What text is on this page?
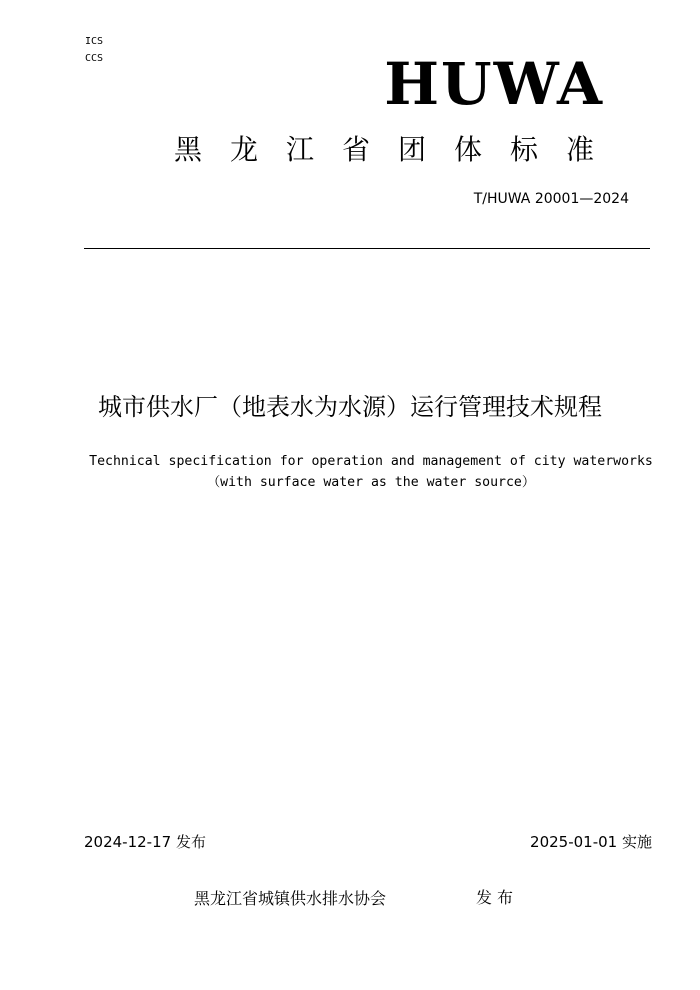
ICS
CCS	HUWA
黑龙江省团体标准
T/HUWA 20001—2024
城市供水厂（地表水为水源）运行管理技术规程
Technical specification for operation and management of city waterworks
（with surface water as the water source）
2024-12-17 发布	2025-01-01 实施
黑龙江省城镇供水排水协会	发布
